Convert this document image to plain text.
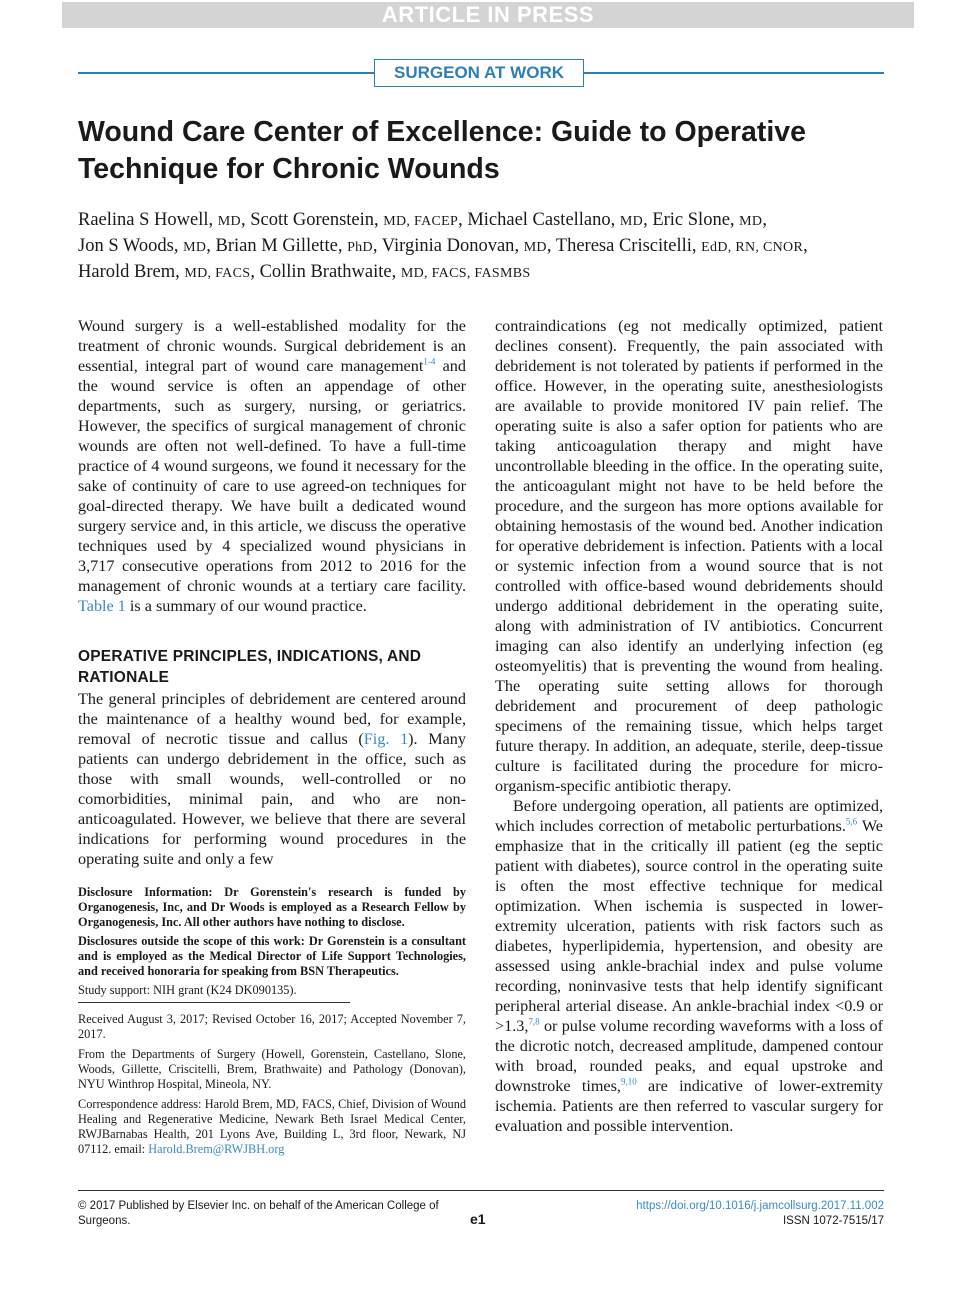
ARTICLE IN PRESS
SURGEON AT WORK
Wound Care Center of Excellence: Guide to Operative Technique for Chronic Wounds
Raelina S Howell, MD, Scott Gorenstein, MD, FACEP, Michael Castellano, MD, Eric Slone, MD,
Jon S Woods, MD, Brian M Gillette, PhD, Virginia Donovan, MD, Theresa Criscitelli, EdD, RN, CNOR,
Harold Brem, MD, FACS, Collin Brathwaite, MD, FACS, FASMBS

Wound surgery is a well-established modality for the treatment of chronic wounds. Surgical debridement is an essential, integral part of wound care management$^{1-4}$ and the wound service is often an appendage of other departments, such as surgery, nursing, or geriatrics. However, the specifics of surgical management of chronic wounds are often not well-defined. To have a full-time practice of 4 wound surgeons, we found it necessary for the sake of continuity of care to use agreed-on techniques for goal-directed therapy. We have built a dedicated wound surgery service and, in this article, we discuss the operative techniques used by 4 specialized wound physicians in 3,717 consecutive operations from 2012 to 2016 for the management of chronic wounds at a tertiary care facility. Table 1 is a summary of our wound practice.

OPERATIVE PRINCIPLES, INDICATIONS, AND RATIONALE

The general principles of debridement are centered around the maintenance of a healthy wound bed, for example, removal of necrotic tissue and callus (Fig. 1). Many patients can undergo debridement in the office, such as those with small wounds, well-controlled or no comorbidities, minimal pain, and who are non-anticoagulated. However, we believe that there are several indications for performing wound procedures in the operating suite and only a few

contraindications (eg not medically optimized, patient declines consent). Frequently, the pain associated with debridement is not tolerated by patients if performed in the office. However, in the operating suite, anesthesiologists are available to provide monitored IV pain relief. The operating suite is also a safer option for patients who are taking anticoagulation therapy and might have uncontrollable bleeding in the office. In the operating suite, the anticoagulant might not have to be held before the procedure, and the surgeon has more options available for obtaining hemostasis of the wound bed. Another indication for operative debridement is infection. Patients with a local or systemic infection from a wound source that is not controlled with office-based wound debridements should undergo additional debridement in the operating suite, along with administration of IV antibiotics. Concurrent imaging can also identify an underlying infection (eg osteomyelitis) that is preventing the wound from healing. The operating suite setting allows for thorough debridement and procurement of deep pathologic specimens of the remaining tissue, which helps target future therapy. In addition, an adequate, sterile, deep-tissue culture is facilitated during the procedure for micro-organism-specific antibiotic therapy.

Before undergoing operation, all patients are optimized, which includes correction of metabolic perturbations.$^{5,6}$ We emphasize that in the critically ill patient (eg the septic patient with diabetes), source control in the operating suite is often the most effective technique for medical optimization. When ischemia is suspected in lower-extremity ulceration, patients with risk factors such as diabetes, hyperlipidemia, hypertension, and obesity are assessed using ankle-brachial index and pulse volume recording, noninvasive tests that help identify significant peripheral arterial disease. An ankle-brachial index <0.9 or >1.3,$^{7,8}$ or pulse volume recording waveforms with a loss of the dicrotic notch, decreased amplitude, dampened contour with broad, rounded peaks, and equal upstroke and downstroke times,$^{9,10}$ are indicative of lower-extremity ischemia. Patients are then referred to vascular surgery for evaluation and possible intervention.

Disclosure Information: Dr Gorenstein's research is funded by Organogenesis, Inc, and Dr Woods is employed as a Research Fellow by Organogenesis, Inc. All other authors have nothing to disclose.

Disclosures outside the scope of this work: Dr Gorenstein is a consultant and is employed as the Medical Director of Life Support Technologies, and received honoraria for speaking from BSN Therapeutics.

Study support: NIH grant (K24 DK090135).

Received August 3, 2017; Revised October 16, 2017; Accepted November 7, 2017.

From the Departments of Surgery (Howell, Gorenstein, Castellano, Slone, Woods, Gillette, Criscitelli, Brem, Brathwaite) and Pathology (Donovan), NYU Winthrop Hospital, Mineola, NY.

Correspondence address: Harold Brem, MD, FACS, Chief, Division of Wound Healing and Regenerative Medicine, Newark Beth Israel Medical Center, RWJBarnabas Health, 201 Lyons Ave, Building L, 3rd floor, Newark, NJ 07112. email: Harold.Brem@RWJBH.org

© 2017 Published by Elsevier Inc. on behalf of the American College of Surgeons.	e1
https://doi.org/10.1016/j.jamcollsurg.2017.11.002
ISSN 1072-7515/17
